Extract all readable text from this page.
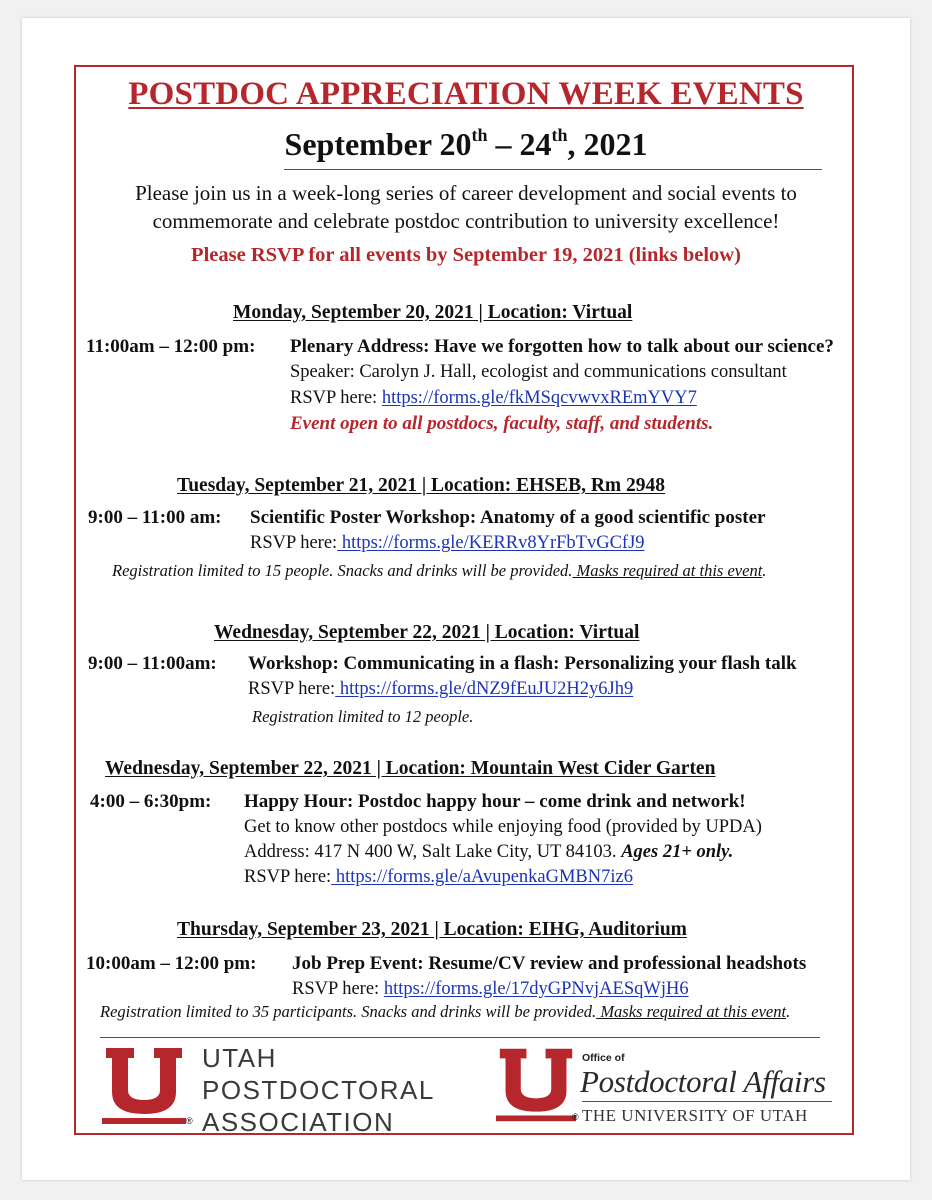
POSTDOC APPRECIATION WEEK EVENTS
September 20th – 24th, 2021
Please join us in a week-long series of career development and social events to
commemorate and celebrate postdoc contribution to university excellence!
Please RSVP for all events by September 19, 2021 (links below)
Monday, September 20, 2021 | Location: Virtual
11:00am – 12:00 pm: Plenary Address: Have we forgotten how to talk about our science?
Speaker: Carolyn J. Hall, ecologist and communications consultant
RSVP here: https://forms.gle/fkMSqcvwvxREmYVY7
Event open to all postdocs, faculty, staff, and students.
Tuesday, September 21, 2021 | Location: EHSEB, Rm 2948
9:00 – 11:00 am: Scientific Poster Workshop: Anatomy of a good scientific poster
RSVP here: https://forms.gle/KERRv8YrFbTvGCfJ9
Registration limited to 15 people. Snacks and drinks will be provided. Masks required at this event.
Wednesday, September 22, 2021 | Location: Virtual
9:00 – 11:00am: Workshop: Communicating in a flash: Personalizing your flash talk
RSVP here: https://forms.gle/dNZ9fEuJU2H2y6Jh9
Registration limited to 12 people.
Wednesday, September 22, 2021 | Location: Mountain West Cider Garten
4:00 – 6:30pm: Happy Hour: Postdoc happy hour – come drink and network!
Get to know other postdocs while enjoying food (provided by UPDA)
Address: 417 N 400 W, Salt Lake City, UT 84103. Ages 21+ only.
RSVP here: https://forms.gle/aAvupenkaGMBN7iz6
Thursday, September 23, 2021 | Location: EIHG, Auditorium
10:00am – 12:00 pm: Job Prep Event: Resume/CV review and professional headshots
RSVP here: https://forms.gle/17dyGPNvjAESqWjH6
Registration limited to 35 participants. Snacks and drinks will be provided. Masks required at this event.
UTAH
POSTDOCTORAL
ASSOCIATION
®	®
Office of
Postdoctoral Affairs
THE UNIVERSITY OF UTAH
